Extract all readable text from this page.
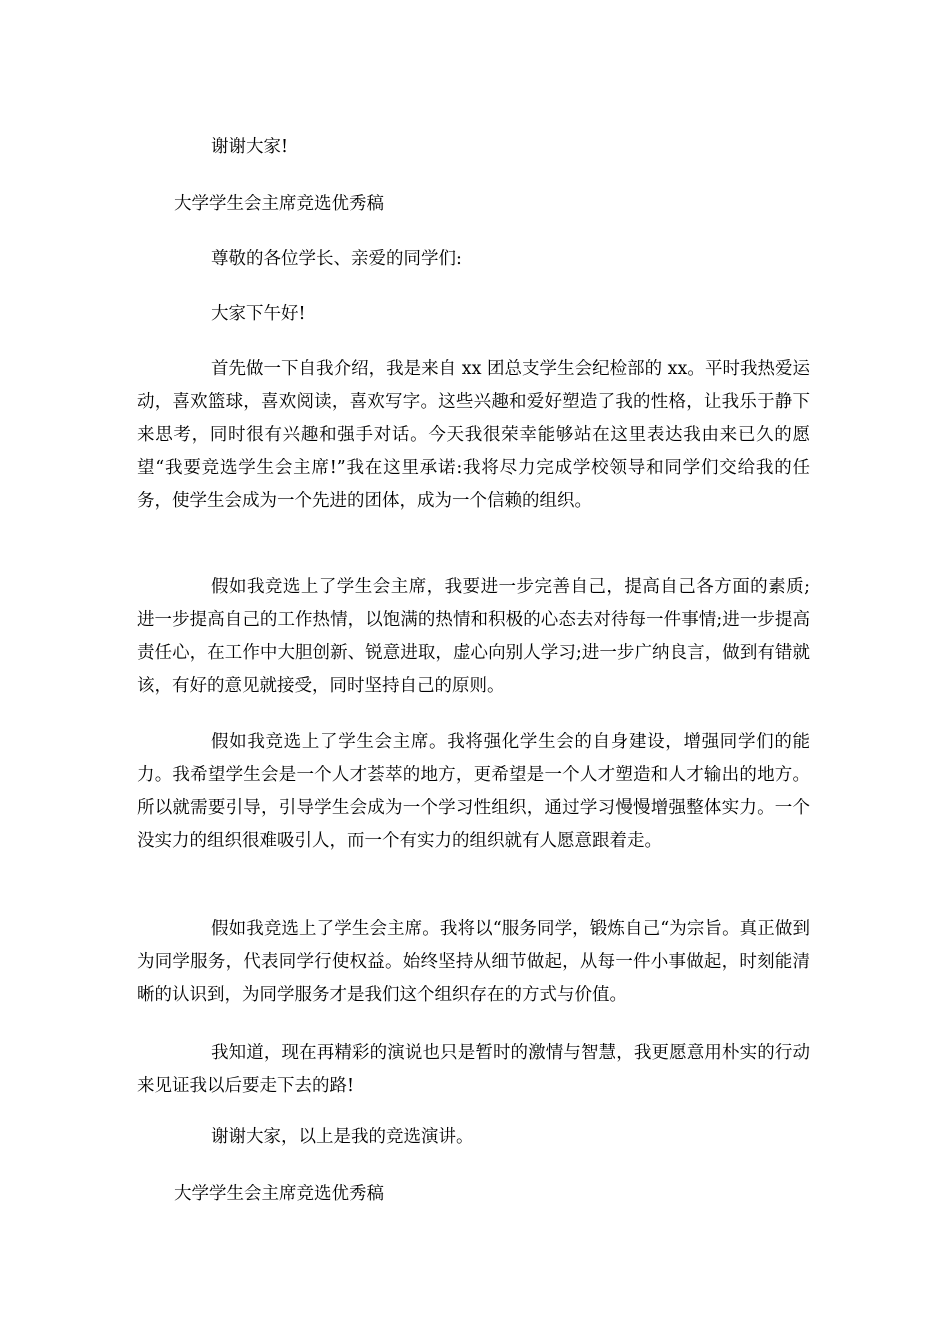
谢谢大家!

大学学生会主席竞选优秀稿

尊敬的各位学长、亲爱的同学们:

大家下午好!

首先做一下自我介绍，我是来自 xx 团总支学生会纪检部的 xx。平时我热爱运动，喜欢篮球，喜欢阅读，喜欢写字。这些兴趣和爱好塑造了我的性格，让我乐于静下来思考，同时很有兴趣和强手对话。今天我很荣幸能够站在这里表达我由来已久的愿望“我要竞选学生会主席!”我在这里承诺:我将尽力完成学校领导和同学们交给我的任务，使学生会成为一个先进的团体，成为一个信赖的组织。

假如我竞选上了学生会主席，我要进一步完善自己，提高自己各方面的素质;进一步提高自己的工作热情，以饱满的热情和积极的心态去对待每一件事情;进一步提高责任心，在工作中大胆创新、锐意进取，虚心向别人学习;进一步广纳良言，做到有错就该，有好的意见就接受，同时坚持自己的原则。

假如我竞选上了学生会主席。我将强化学生会的自身建设，增强同学们的能力。我希望学生会是一个人才荟萃的地方，更希望是一个人才塑造和人才输出的地方。所以就需要引导，引导学生会成为一个学习性组织，通过学习慢慢增强整体实力。一个没实力的组织很难吸引人，而一个有实力的组织就有人愿意跟着走。

假如我竞选上了学生会主席。我将以“服务同学，锻炼自己“为宗旨。真正做到为同学服务，代表同学行使权益。始终坚持从细节做起，从每一件小事做起，时刻能清晰的认识到，为同学服务才是我们这个组织存在的方式与价值。

我知道，现在再精彩的演说也只是暂时的激情与智慧，我更愿意用朴实的行动来见证我以后要走下去的路!

谢谢大家，以上是我的竞选演讲。

大学学生会主席竞选优秀稿
